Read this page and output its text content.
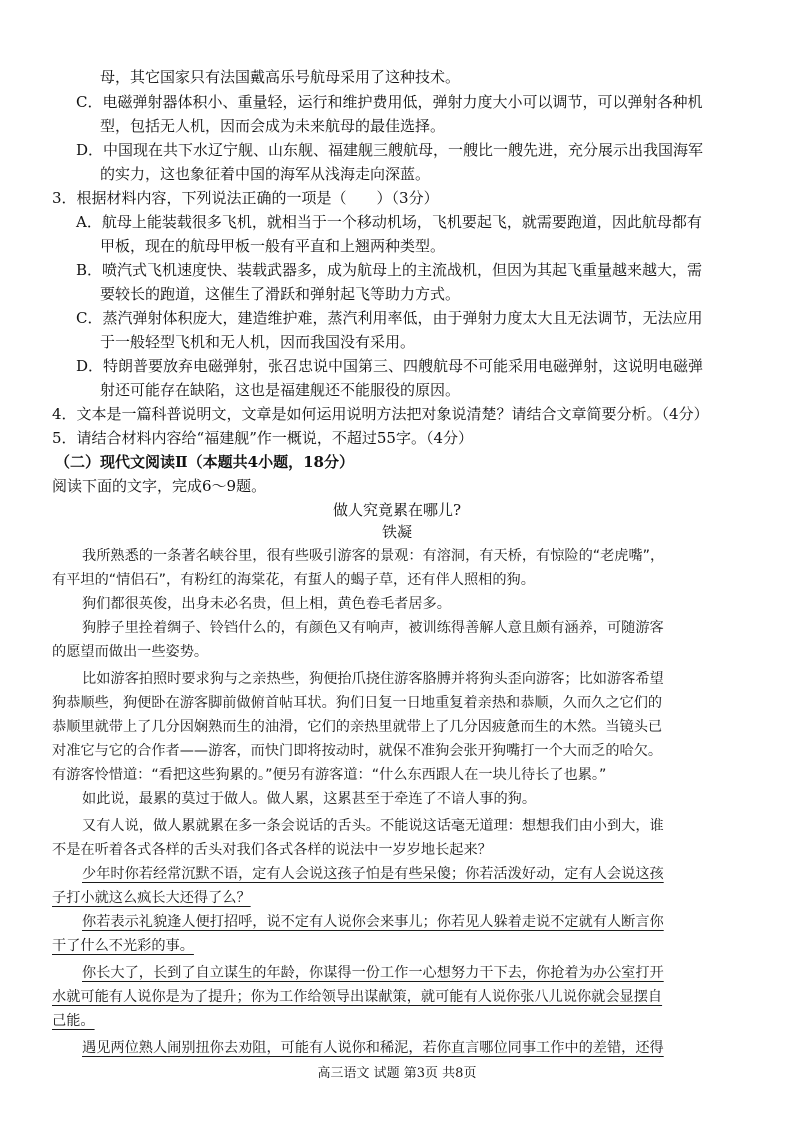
母，其它国家只有法国戴高乐号航母采用了这种技术。
C．电磁弹射器体积小、重量轻，运行和维护费用低，弹射力度大小可以调节，可以弹射各种机
型，包括无人机，因而会成为未来航母的最佳选择。
D．中国现在共下水辽宁舰、山东舰、福建舰三艘航母，一艘比一艘先进，充分展示出我国海军
的实力，这也象征着中国的海军从浅海走向深蓝。
3．根据材料内容，下列说法正确的一项是（　　）（3分）
A．航母上能装载很多飞机，就相当于一个移动机场，飞机要起飞，就需要跑道，因此航母都有
甲板，现在的航母甲板一般有平直和上翘两种类型。
B．喷汽式飞机速度快、装载武器多，成为航母上的主流战机，但因为其起飞重量越来越大，需
要较长的跑道，这催生了滑跃和弹射起飞等助力方式。
C．蒸汽弹射体积庞大，建造维护难，蒸汽利用率低，由于弹射力度太大且无法调节，无法应用
于一般轻型飞机和无人机，因而我国没有采用。
D．特朗普要放弃电磁弹射，张召忠说中国第三、四艘航母不可能采用电磁弹射，这说明电磁弹
射还可能存在缺陷，这也是福建舰还不能服役的原因。
4．文本是一篇科普说明文，文章是如何运用说明方法把对象说清楚？请结合文章简要分析。（4分）
5．请结合材料内容给“福建舰”作一概说，不超过55字。（4分）
（二）现代文阅读Ⅱ（本题共4小题，18分）
阅读下面的文字，完成6～9题。
做人究竟累在哪儿?
铁凝
我所熟悉的一条著名峡谷里，很有些吸引游客的景观：有溶洞，有天桥，有惊险的“老虎嘴”，
有平坦的“情侣石”，有粉红的海棠花，有蜇人的蝎子草，还有伴人照相的狗。
狗们都很英俊，出身未必名贵，但上相，黄色卷毛者居多。
狗脖子里拴着绸子、铃铛什么的，有颜色又有响声，被训练得善解人意且颇有涵养，可随游客
的愿望而做出一些姿势。
比如游客拍照时要求狗与之亲热些，狗便抬爪挠住游客胳膊并将狗头歪向游客；比如游客希望
狗恭顺些，狗便卧在游客脚前做俯首帖耳状。狗们日复一日地重复着亲热和恭顺，久而久之它们的
恭顺里就带上了几分因娴熟而生的油滑，它们的亲热里就带上了几分因疲惫而生的木然。当镜头已
对准它与它的合作者——游客，而快门即将按动时，就保不准狗会张开狗嘴打一个大而乏的哈欠。
有游客怜惜道：“看把这些狗累的。”便另有游客道：“什么东西跟人在一块儿待长了也累。”
如此说，最累的莫过于做人。做人累，这累甚至于牵连了不谙人事的狗。
又有人说，做人累就累在多一条会说话的舌头。不能说这话毫无道理：想想我们由小到大，谁
不是在听着各式各样的舌头对我们各式各样的说法中一岁岁地长起来？
少年时你若经常沉默不语，定有人会说这孩子怕是有些呆傻；你若活泼好动，定有人会说这孩
子打小就这么疯长大还得了么？
你若表示礼貌逢人便打招呼，说不定有人说你会来事儿；你若见人躲着走说不定就有人断言你
干了什么不光彩的事。
你长大了，长到了自立谋生的年龄，你谋得一份工作一心想努力干下去，你抢着为办公室打开
水就可能有人说你是为了提升；你为工作给领导出谋献策，就可能有人说你张八儿说你就会显摆自
己能。
遇见两位熟人闹别扭你去劝阻，可能有人说你和稀泥，若你直言哪位同事工作中的差错，还得
高三语文 试题 第3页 共8页
